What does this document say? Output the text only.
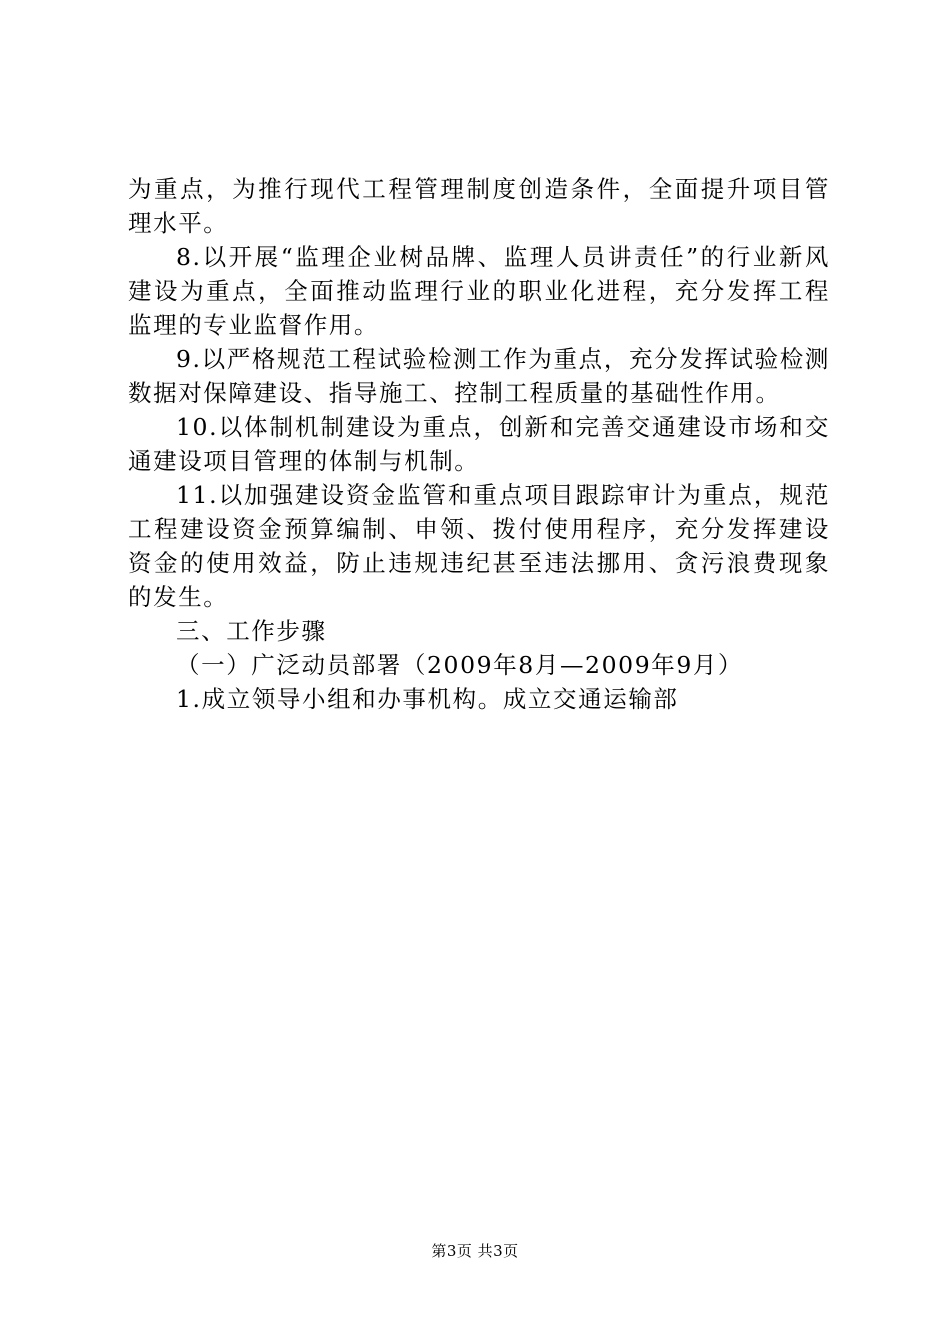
为重点，为推行现代工程管理制度创造条件，全面提升项目管理水平。

8.以开展“监理企业树品牌、监理人员讲责任”的行业新风建设为重点，全面推动监理行业的职业化进程，充分发挥工程监理的专业监督作用。

9.以严格规范工程试验检测工作为重点，充分发挥试验检测数据对保障建设、指导施工、控制工程质量的基础性作用。

10.以体制机制建设为重点，创新和完善交通建设市场和交通建设项目管理的体制与机制。

11.以加强建设资金监管和重点项目跟踪审计为重点，规范工程建设资金预算编制、申领、拨付使用程序，充分发挥建设资金的使用效益，防止违规违纪甚至违法挪用、贪污浪费现象的发生。

三、工作步骤

（一）广泛动员部署（2009年8月—2009年9月）

1.成立领导小组和办事机构。成立交通运输部

第3页 共3页
